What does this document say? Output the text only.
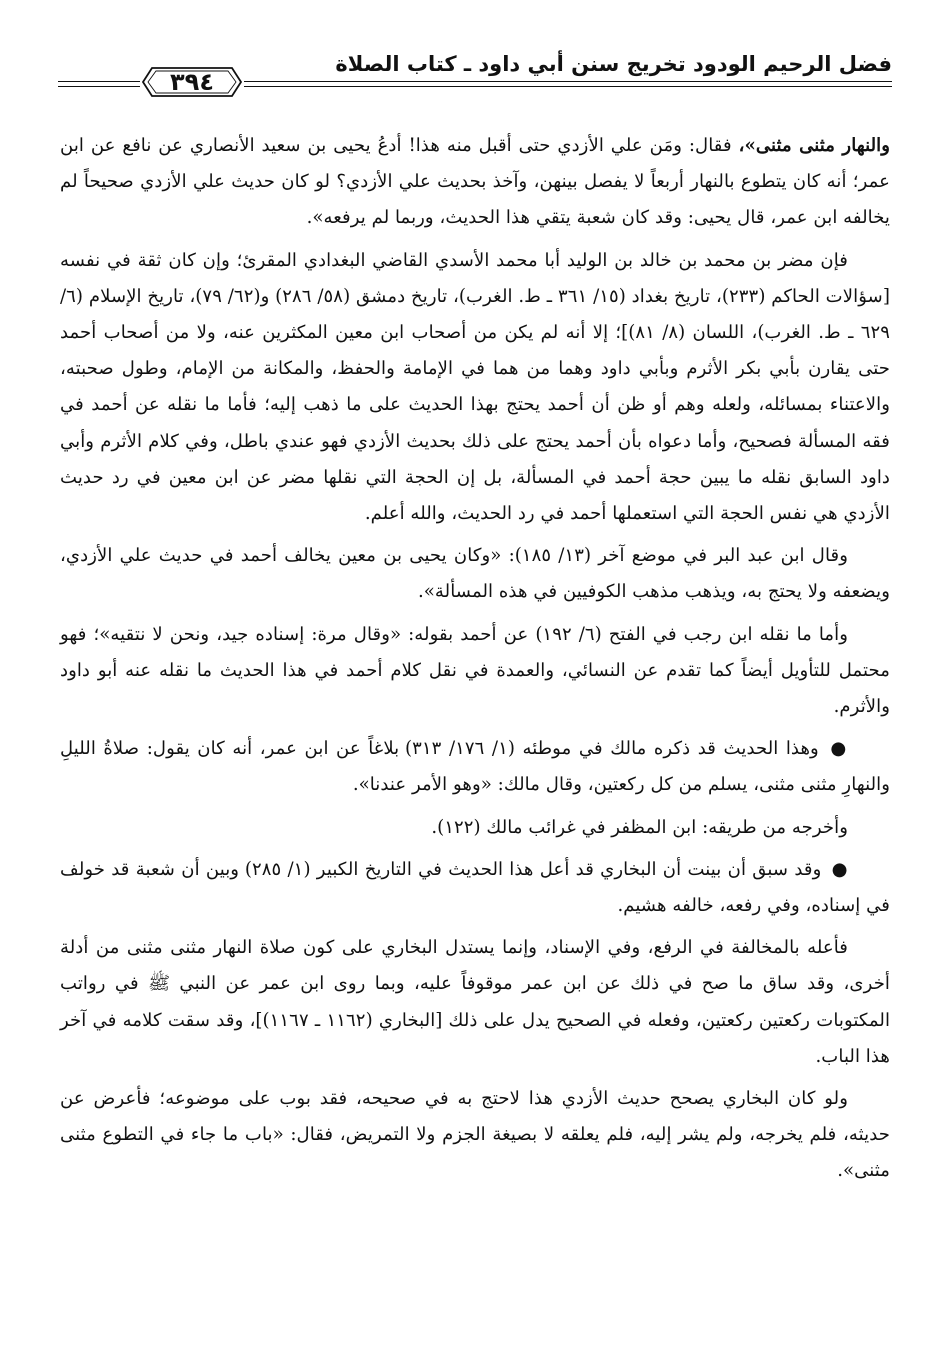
فضل الرحيم الودود تخريج سنن أبي داود ـ كتاب الصلاة
٣٩٤

والنهار مثنى مثنى»، فقال: ومَن علي الأزدي حتى أقبل منه هذا! أدعُ يحيى بن سعيد الأنصاري عن نافع عن ابن عمر؛ أنه كان يتطوع بالنهار أربعاً لا يفصل بينهن، وآخذ بحديث علي الأزدي؟ لو كان حديث علي الأزدي صحيحاً لم يخالفه ابن عمر، قال يحيى: وقد كان شعبة يتقي هذا الحديث، وربما لم يرفعه».

فإن مضر بن محمد بن خالد بن الوليد أبا محمد الأسدي القاضي البغدادي المقرئ؛ وإن كان ثقة في نفسه [سؤالات الحاكم (٢٣٣)، تاريخ بغداد (١٥/ ٣٦١ ـ ط. الغرب)، تاريخ دمشق (٥٨/ ٢٨٦) و(٦٢/ ٧٩)، تاريخ الإسلام (٦/ ٦٢٩ ـ ط. الغرب)، اللسان (٨/ ٨١)]؛ إلا أنه لم يكن من أصحاب ابن معين المكثرين عنه، ولا من أصحاب أحمد حتى يقارن بأبي بكر الأثرم وبأبي داود وهما من هما في الإمامة والحفظ، والمكانة من الإمام، وطول صحبته، والاعتناء بمسائله، ولعله وهم أو ظن أن أحمد يحتج بهذا الحديث على ما ذهب إليه؛ فأما ما نقله عن أحمد في فقه المسألة فصحيح، وأما دعواه بأن أحمد يحتج على ذلك بحديث الأزدي فهو عندي باطل، وفي كلام الأثرم وأبي داود السابق نقله ما يبين حجة أحمد في المسألة، بل إن الحجة التي نقلها مضر عن ابن معين في رد حديث الأزدي هي نفس الحجة التي استعملها أحمد في رد الحديث، والله أعلم.

وقال ابن عبد البر في موضع آخر (١٣/ ١٨٥): «وكان يحيى بن معين يخالف أحمد في حديث علي الأزدي، ويضعفه ولا يحتج به، ويذهب مذهب الكوفيين في هذه المسألة».

وأما ما نقله ابن رجب في الفتح (٦/ ١٩٢) عن أحمد بقوله: «وقال مرة: إسناده جيد، ونحن لا نتقيه»؛ فهو محتمل للتأويل أيضاً كما تقدم عن النسائي، والعمدة في نقل كلام أحمد في هذا الحديث ما نقله عنه أبو داود والأثرم.

● وهذا الحديث قد ذكره مالك في موطئه (١/ ١٧٦/ ٣١٣) بلاغاً عن ابن عمر، أنه كان يقول: صلاةُ الليلِ والنهارِ مثنى مثنى، يسلم من كل ركعتين، وقال مالك: «وهو الأمر عندنا».

وأخرجه من طريقه: ابن المظفر في غرائب مالك (١٢٢).

● وقد سبق أن بينت أن البخاري قد أعل هذا الحديث في التاريخ الكبير (١/ ٢٨٥) وبين أن شعبة قد خولف في إسناده، وفي رفعه، خالفه هشيم.

فأعله بالمخالفة في الرفع، وفي الإسناد، وإنما يستدل البخاري على كون صلاة النهار مثنى مثنى من أدلة أخرى، وقد ساق ما صح في ذلك عن ابن عمر موقوفاً عليه، وبما روى ابن عمر عن النبي ﷺ في رواتب المكتوبات ركعتين ركعتين، وفعله في الصحيح يدل على ذلك [البخاري (١١٦٢ ـ ١١٦٧)]، وقد سقت كلامه في آخر هذا الباب.

ولو كان البخاري يصحح حديث الأزدي هذا لاحتج به في صحيحه، فقد بوب على موضوعه؛ فأعرض عن حديثه، فلم يخرجه، ولم يشر إليه، فلم يعلقه لا بصيغة الجزم ولا التمريض، فقال: «باب ما جاء في التطوع مثنى مثنى».
